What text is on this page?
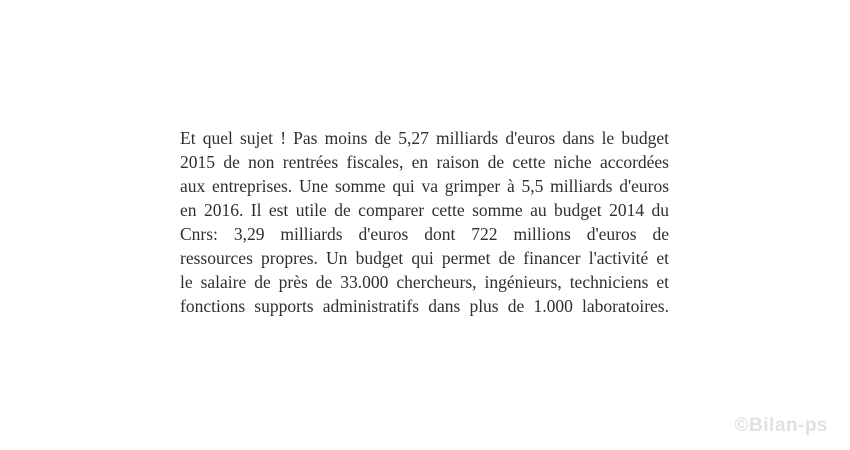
Et quel sujet ! Pas moins de 5,27 milliards d'euros dans le budget
2015 de non rentrées fiscales, en raison de cette niche accordées
aux entreprises. Une somme qui va grimper à 5,5 milliards d'euros
en 2016. Il est utile de comparer cette somme au budget 2014 du
Cnrs: 3,29 milliards d'euros dont 722 millions d'euros de
ressources propres. Un budget qui permet de financer l'activité et
le salaire de près de 33.000 chercheurs, ingénieurs, techniciens et
fonctions supports administratifs dans plus de 1.000 laboratoires.
©Bilan-ps
